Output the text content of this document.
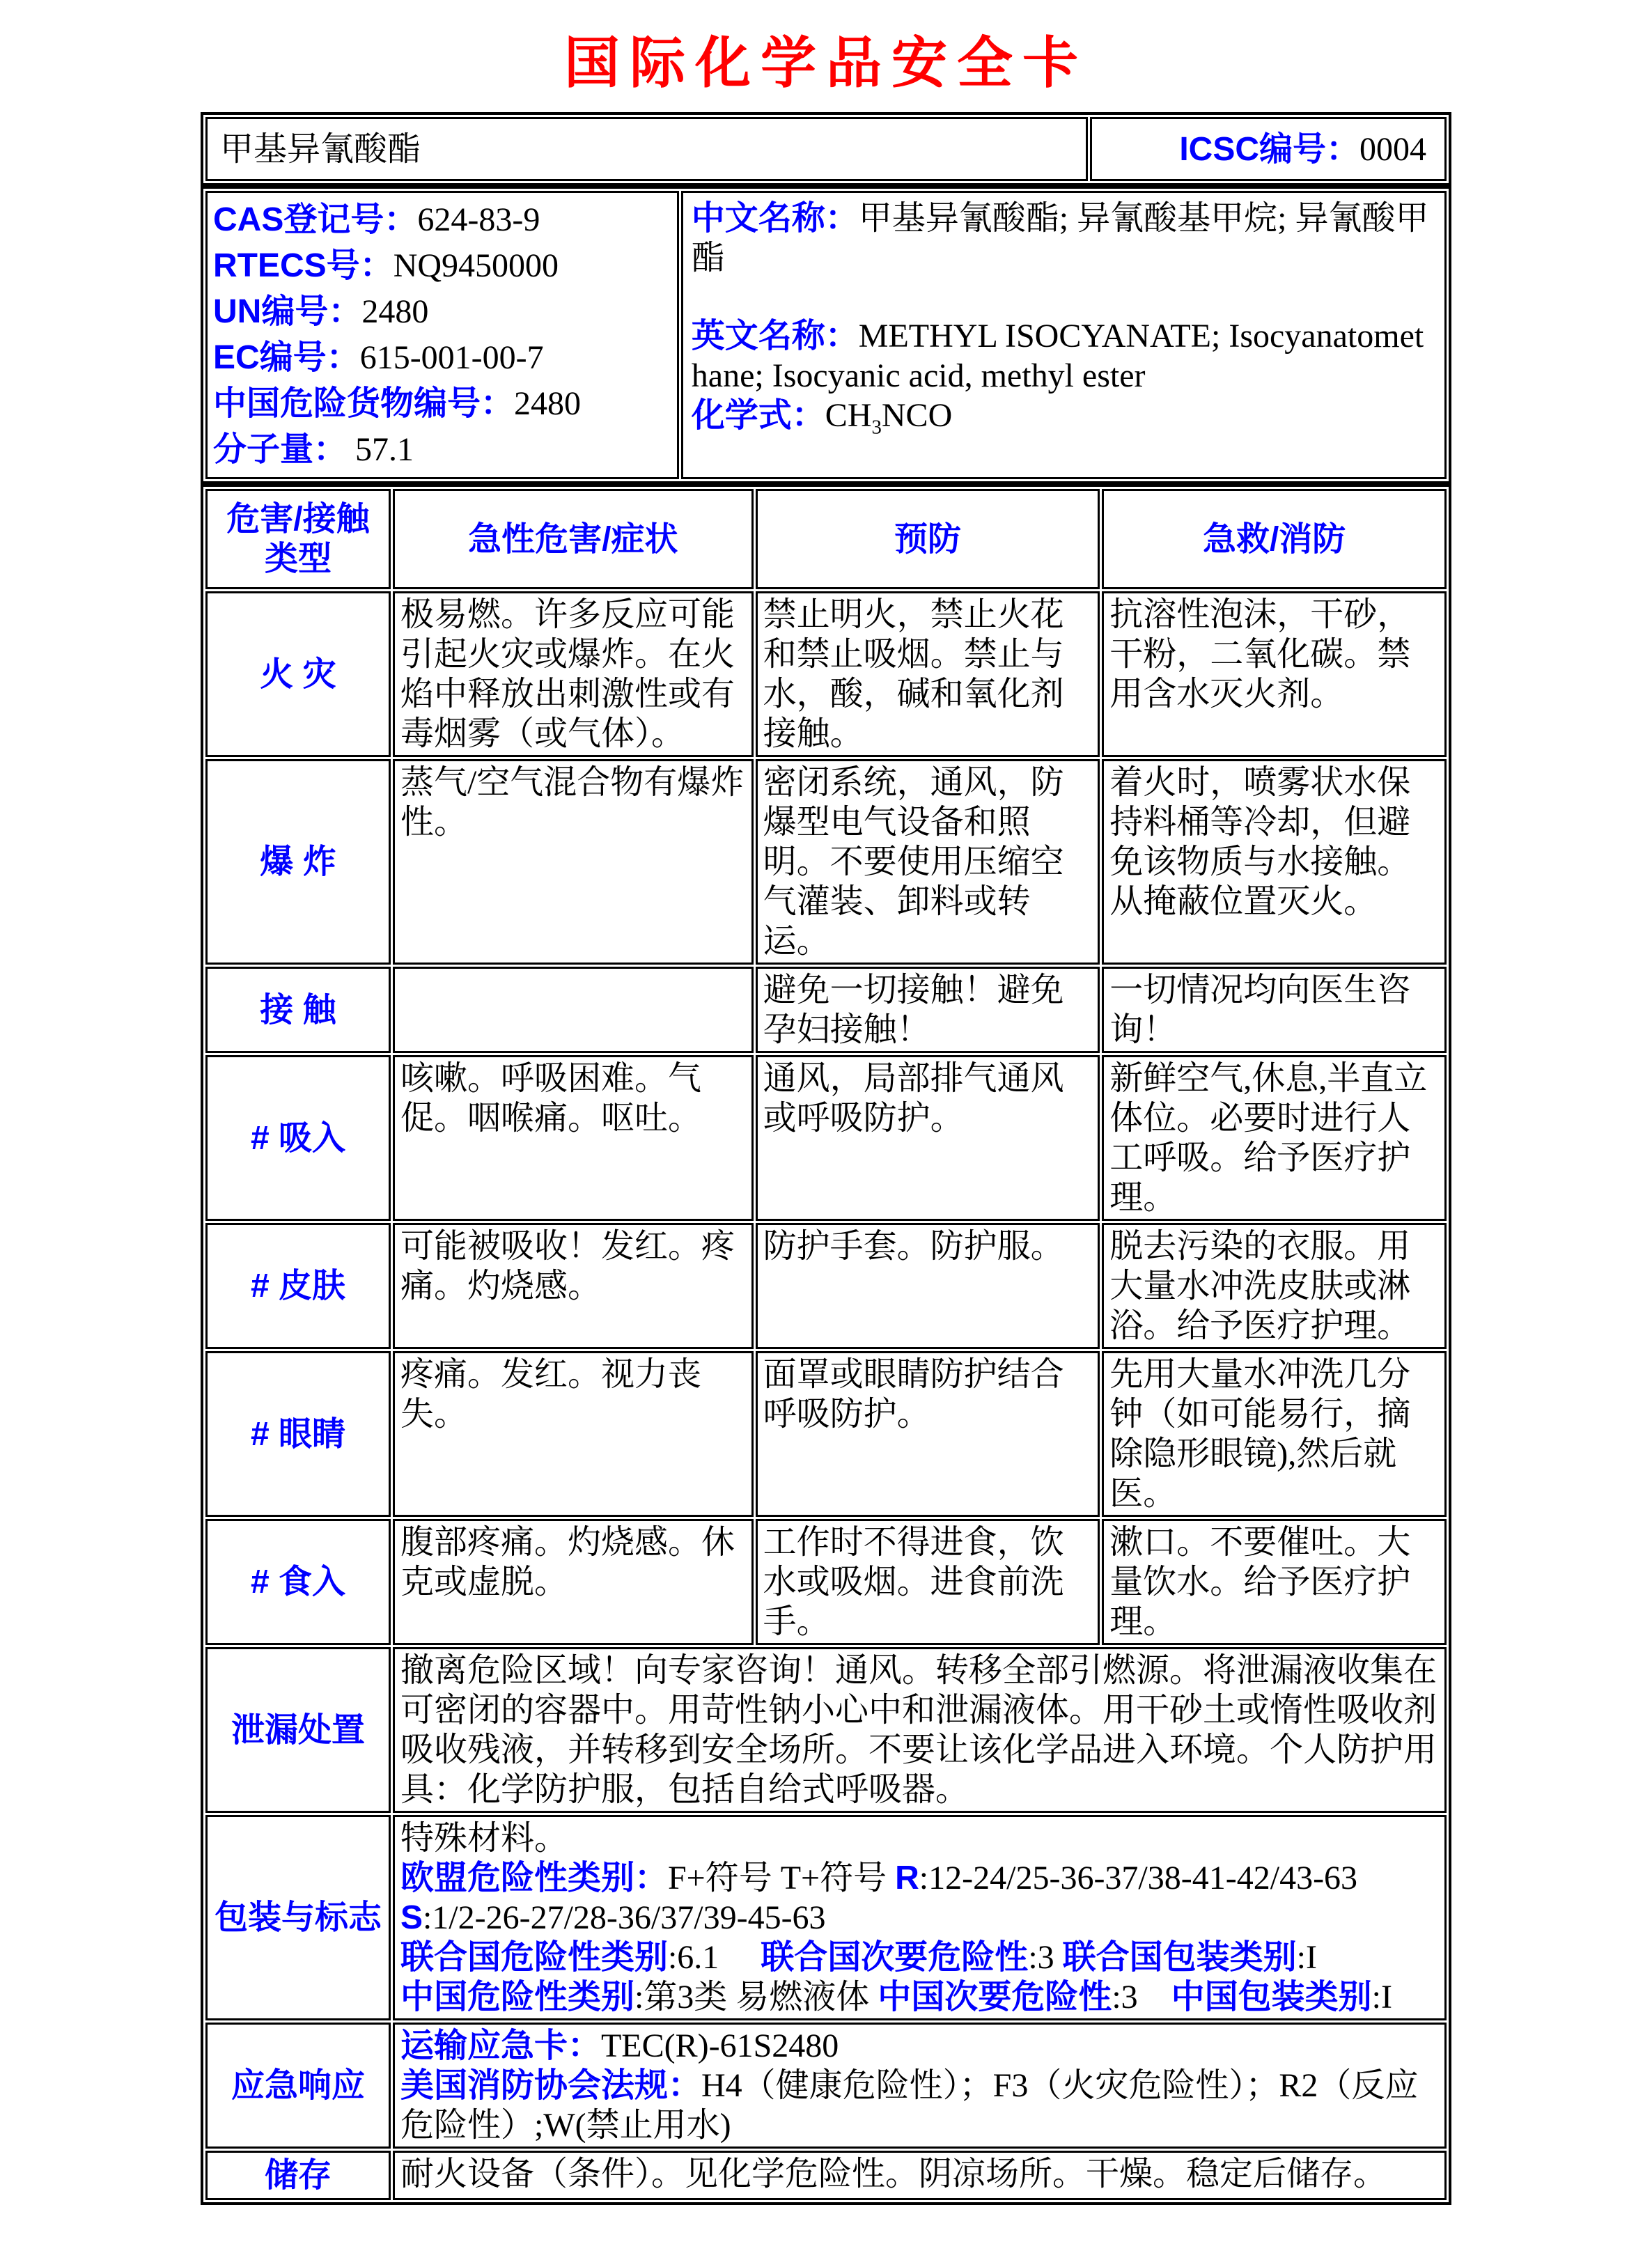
国际化学品安全卡
甲基异氰酸酯	ICSC编号：0004
CAS登记号：624-83-9
RTECS号：NQ9450000
UN编号：2480
EC编号：615-001-00-7
中国危险货物编号：2480
分子量： 57.1

中文名称：甲基异氰酸酯; 异氰酸基甲烷; 异氰酸甲酯

英文名称：METHYL ISOCYANATE; Isocyanatomethane; Isocyanic acid, methyl ester

化学式：$CH_3NCO$

危害/接触类型	急性危害/症状	预防	急救/消防
火 灾	极易燃。许多反应可能引起火灾或爆炸。在火焰中释放出刺激性或有毒烟雾（或气体）。	禁止明火，禁止火花和禁止吸烟。禁止与水，酸，碱和氧化剂接触。	抗溶性泡沫，干砂，干粉，二氧化碳。禁用含水灭火剂。
爆 炸	蒸气/空气混合物有爆炸性。	密闭系统，通风，防爆型电气设备和照明。不要使用压缩空气灌装、卸料或转运。	着火时，喷雾状水保持料桶等冷却，但避免该物质与水接触。从掩蔽位置灭火。
接 触		避免一切接触！避免孕妇接触！	一切情况均向医生咨询！
# 吸入	咳嗽。呼吸困难。气促。咽喉痛。呕吐。	通风，局部排气通风或呼吸防护。	新鲜空气,休息,半直立体位。必要时进行人工呼吸。给予医疗护理。
# 皮肤	可能被吸收！发红。疼痛。灼烧感。	防护手套。防护服。	脱去污染的衣服。用大量水冲洗皮肤或淋浴。给予医疗护理。
# 眼睛	疼痛。发红。视力丧失。	面罩或眼睛防护结合呼吸防护。	先用大量水冲洗几分钟（如可能易行，摘除隐形眼镜),然后就医。
# 食入	腹部疼痛。灼烧感。休克或虚脱。	工作时不得进食，饮水或吸烟。进食前洗手。	漱口。不要催吐。大量饮水。给予医疗护理。
泄漏处置	撤离危险区域！向专家咨询！通风。转移全部引燃源。将泄漏液收集在可密闭的容器中。用苛性钠小心中和泄漏液体。用干砂土或惰性吸收剂吸收残液，并转移到安全场所。不要让该化学品进入环境。个人防护用具：化学防护服，包括自给式呼吸器。		

包装与标志	特殊材料。
欧盟危险性类别：F+符号 T+符号 R:12-24/25-36-37/38-41-42/43-63
S:1/2-26-27/28-36/37/39-45-63
联合国危险性类别:6.1　 联合国次要危险性:3 联合国包装类别:I
中国危险性类别:第3类 易燃液体 中国次要危险性:3　中国包装类别:I		

应急响应	运输应急卡：TEC(R)-61S2480
美国消防协会法规：H4（健康危险性）；F3（火灾危险性）；R2（反应危险性）;W(禁止用水)		

储存	耐火设备（条件）。见化学危险性。阴凉场所。干燥。稳定后储存。		
